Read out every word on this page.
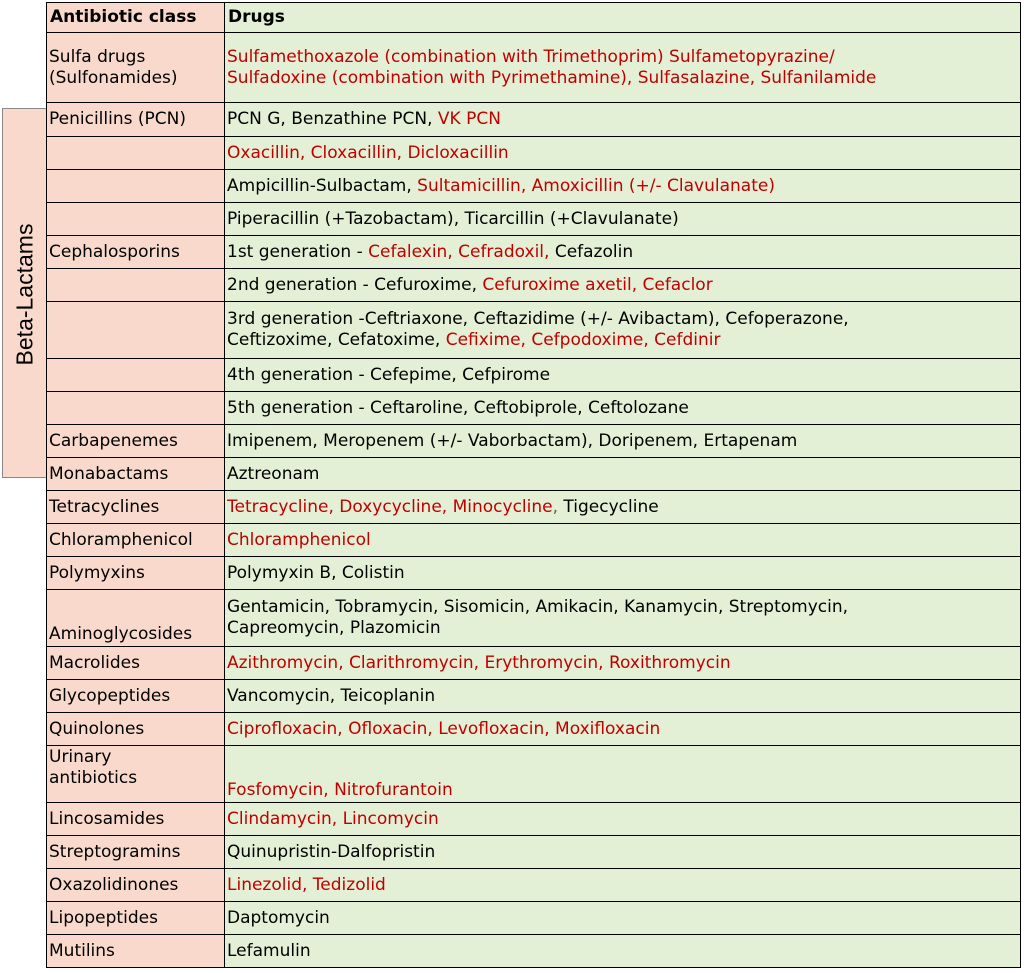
Beta-Lactams
Antibiotic class	Drugs
Sulfa drugs
(Sulfonamides)	Sulfamethoxazole (combination with Trimethoprim) Sulfametopyrazine/
Sulfadoxine (combination with Pyrimethamine), Sulfasalazine, Sulfanilamide
Penicillins (PCN)	PCN G, Benzathine PCN, VK PCN
	Oxacillin, Cloxacillin, Dicloxacillin
	Ampicillin-Sulbactam, Sultamicillin, Amoxicillin (+/- Clavulanate)
	Piperacillin (+Tazobactam), Ticarcillin (+Clavulanate)
Cephalosporins	1st generation - Cefalexin, Cefradoxil, Cefazolin
	2nd generation - Cefuroxime, Cefuroxime axetil, Cefaclor
	3rd generation -Ceftriaxone, Ceftazidime (+/- Avibactam), Cefoperazone,
Ceftizoxime, Cefatoxime, Cefixime, Cefpodoxime, Cefdinir
	4th generation - Cefepime, Cefpirome
	5th generation - Ceftaroline, Ceftobiprole, Ceftolozane
Carbapenemes	Imipenem, Meropenem (+/- Vaborbactam), Doripenem, Ertapenam
Monabactams	Aztreonam
Tetracyclines	Tetracycline, Doxycycline, Minocycline, Tigecycline
Chloramphenicol	Chloramphenicol
Polymyxins	Polymyxin B, Colistin
Aminoglycosides	Gentamicin, Tobramycin, Sisomicin, Amikacin, Kanamycin, Streptomycin,
Capreomycin, Plazomicin
Macrolides	Azithromycin, Clarithromycin, Erythromycin, Roxithromycin
Glycopeptides	Vancomycin, Teicoplanin
Quinolones	Ciprofloxacin, Ofloxacin, Levofloxacin, Moxifloxacin
Urinary
antibiotics	Fosfomycin, Nitrofurantoin
Lincosamides	Clindamycin, Lincomycin
Streptogramins	Quinupristin-Dalfopristin
Oxazolidinones	Linezolid, Tedizolid
Lipopeptides	Daptomycin
Mutilins	Lefamulin
